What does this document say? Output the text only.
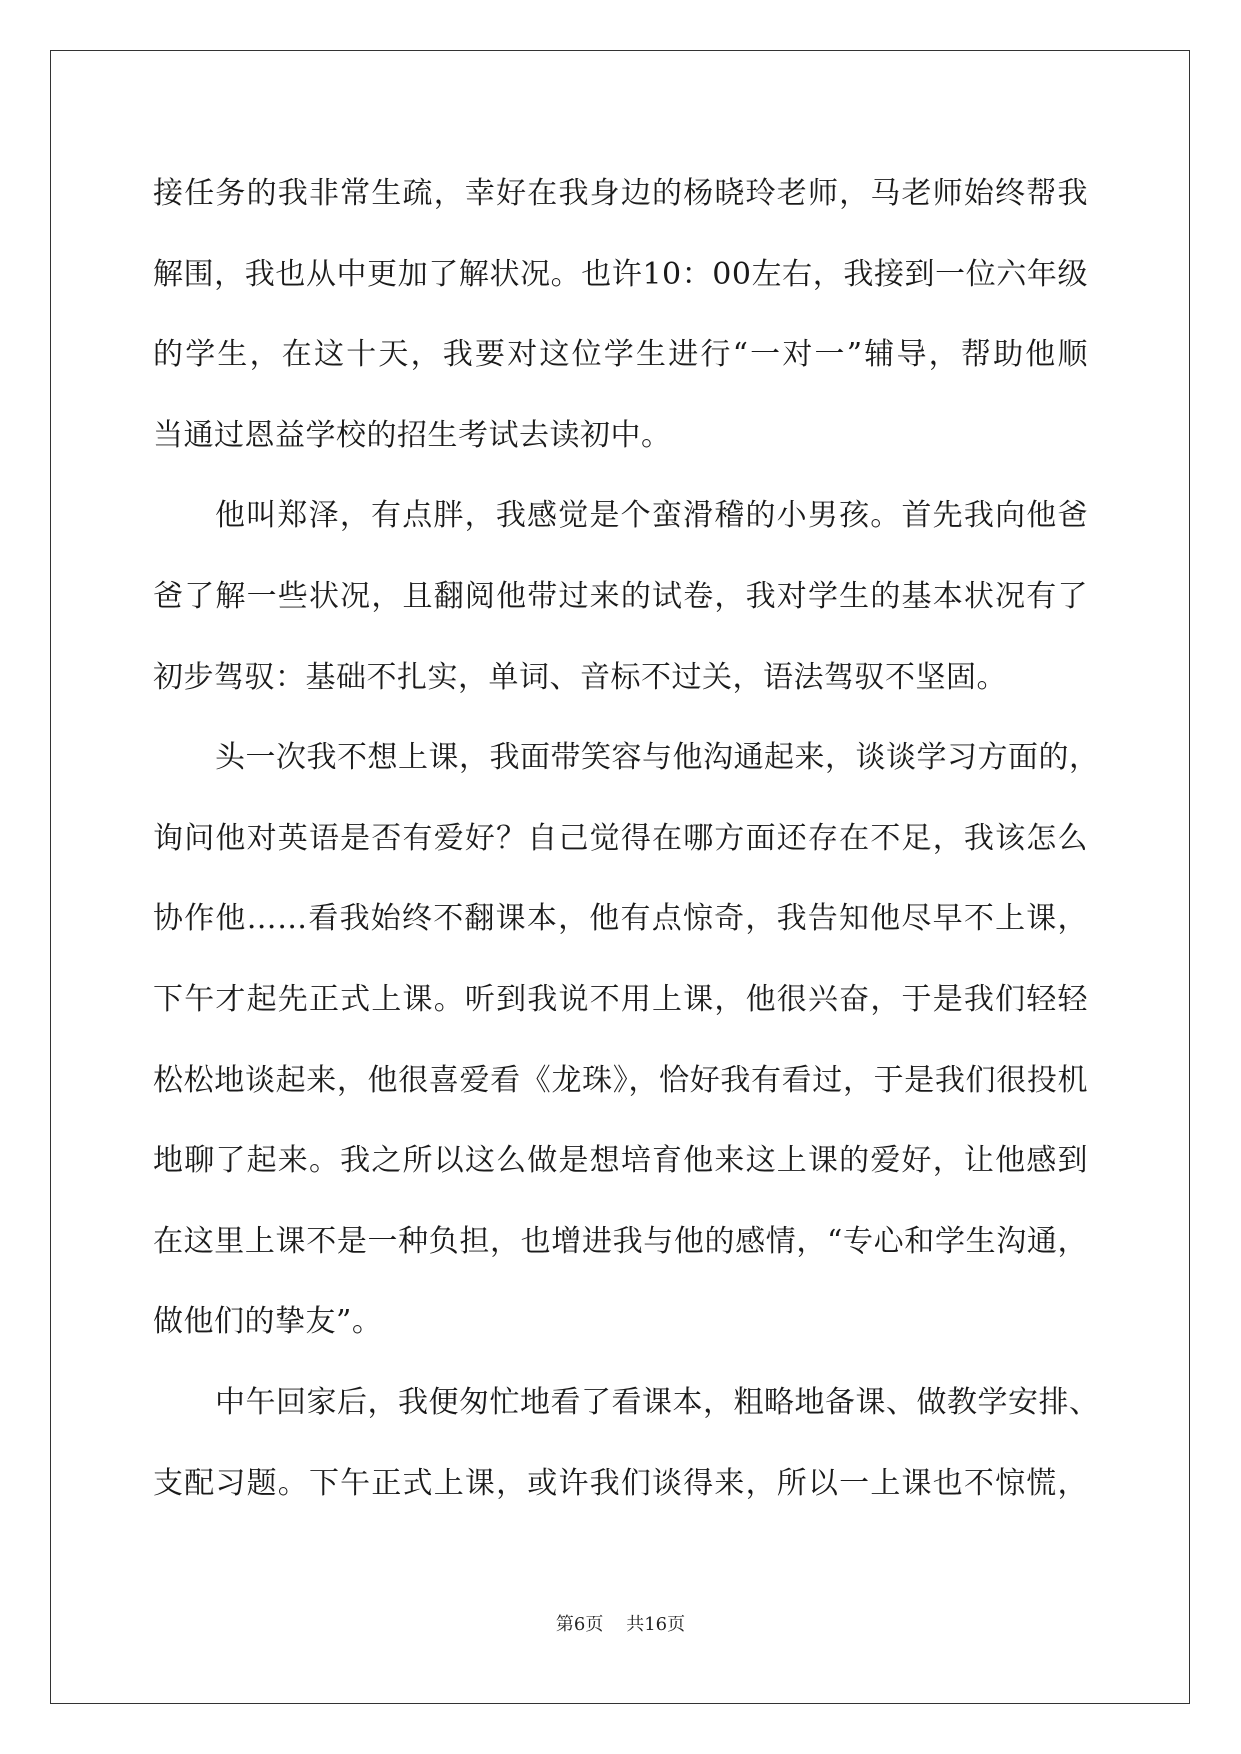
接任务的我非常生疏，幸好在我身边的杨晓玲老师，马老师始终帮我
解围，我也从中更加了解状况。也许10：00左右，我接到一位六年级
的学生，在这十天，我要对这位学生进行“一对一”辅导，帮助他顺
当通过恩益学校的招生考试去读初中。
他叫郑泽，有点胖，我感觉是个蛮滑稽的小男孩。首先我向他爸
爸了解一些状况，且翻阅他带过来的试卷，我对学生的基本状况有了
初步驾驭：基础不扎实，单词、音标不过关，语法驾驭不坚固。
头一次我不想上课，我面带笑容与他沟通起来，谈谈学习方面的，
询问他对英语是否有爱好？自己觉得在哪方面还存在不足，我该怎么
协作他……看我始终不翻课本，他有点惊奇，我告知他尽早不上课，
下午才起先正式上课。听到我说不用上课，他很兴奋，于是我们轻轻
松松地谈起来，他很喜爱看《龙珠》，恰好我有看过，于是我们很投机
地聊了起来。我之所以这么做是想培育他来这上课的爱好，让他感到
在这里上课不是一种负担，也增进我与他的感情，“专心和学生沟通，
做他们的挚友”。
中午回家后，我便匆忙地看了看课本，粗略地备课、做教学安排、
支配习题。下午正式上课，或许我们谈得来，所以一上课也不惊慌，
第6页 共16页
